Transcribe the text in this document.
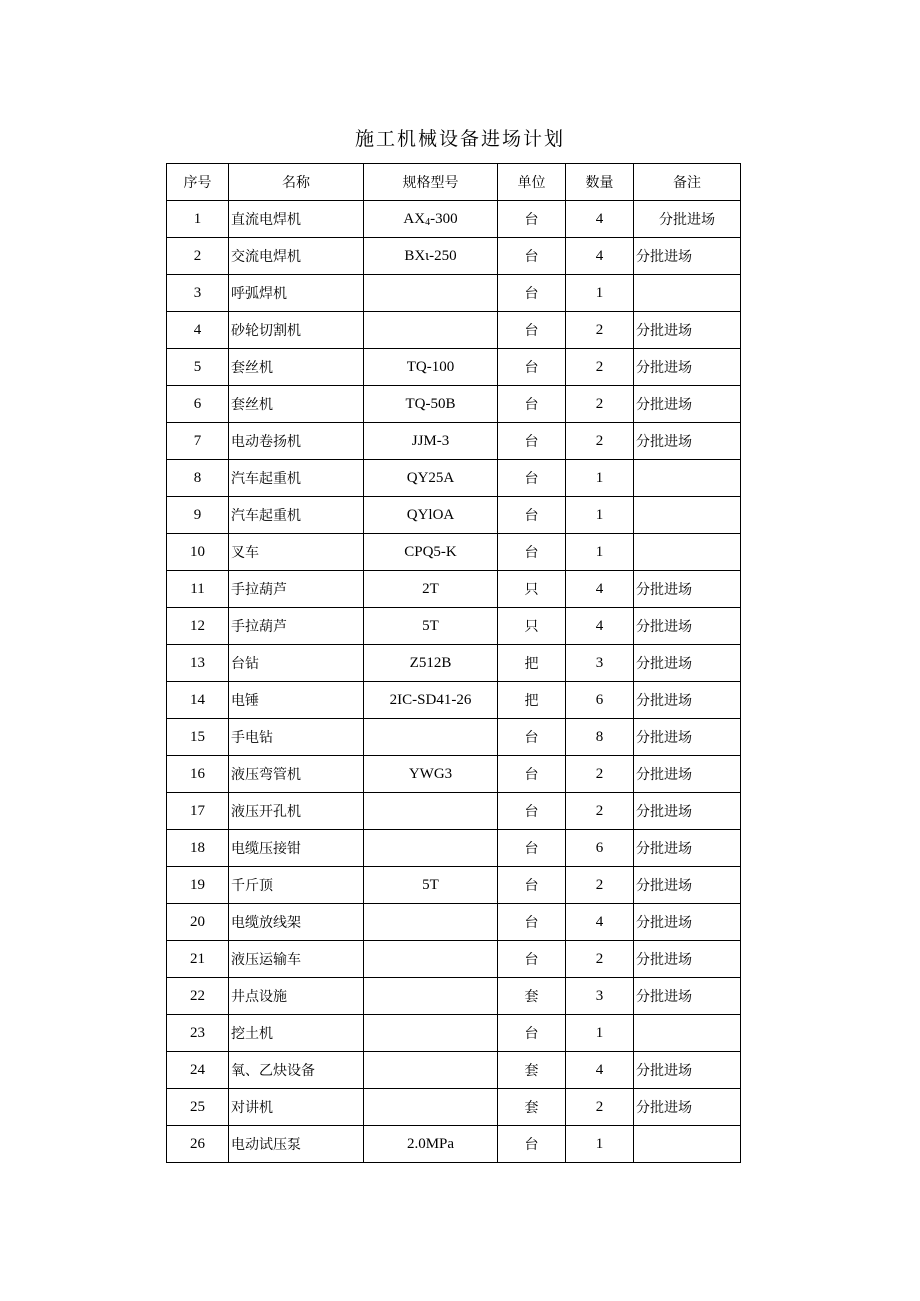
施工机械设备进场计划
序号	名称	规格型号	单位	数量	备注
1	直流电焊机	$AX_4-300$	台	4	分批进场
2	交流电焊机	BXι-250	台	4	分批进场
3	呼弧焊机		台	1	
4	砂轮切割机		台	2	分批进场
5	套丝机	TQ-100	台	2	分批进场
6	套丝机	TQ-50B	台	2	分批进场
7	电动卷扬机	JJM-3	台	2	分批进场
8	汽车起重机	QY25A	台	1	
9	汽车起重机	QYlOA	台	1	
10	叉车	CPQ5-K	台	1	
11	手拉葫芦	2T	只	4	分批进场
12	手拉葫芦	5T	只	4	分批进场
13	台钻	Z512B	把	3	分批进场
14	电锤	2IC-SD41-26	把	6	分批进场
15	手电钻		台	8	分批进场
16	液压弯管机	YWG3	台	2	分批进场
17	液压开孔机		台	2	分批进场
18	电缆压接钳		台	6	分批进场
19	千斤顶	5T	台	2	分批进场
20	电缆放线架		台	4	分批进场
21	液压运输车		台	2	分批进场
22	井点设施		套	3	分批进场
23	挖土机		台	1	
24	氧、乙炔设备		套	4	分批进场
25	对讲机		套	2	分批进场
26	电动试压泵	2.0MPa	台	1	
